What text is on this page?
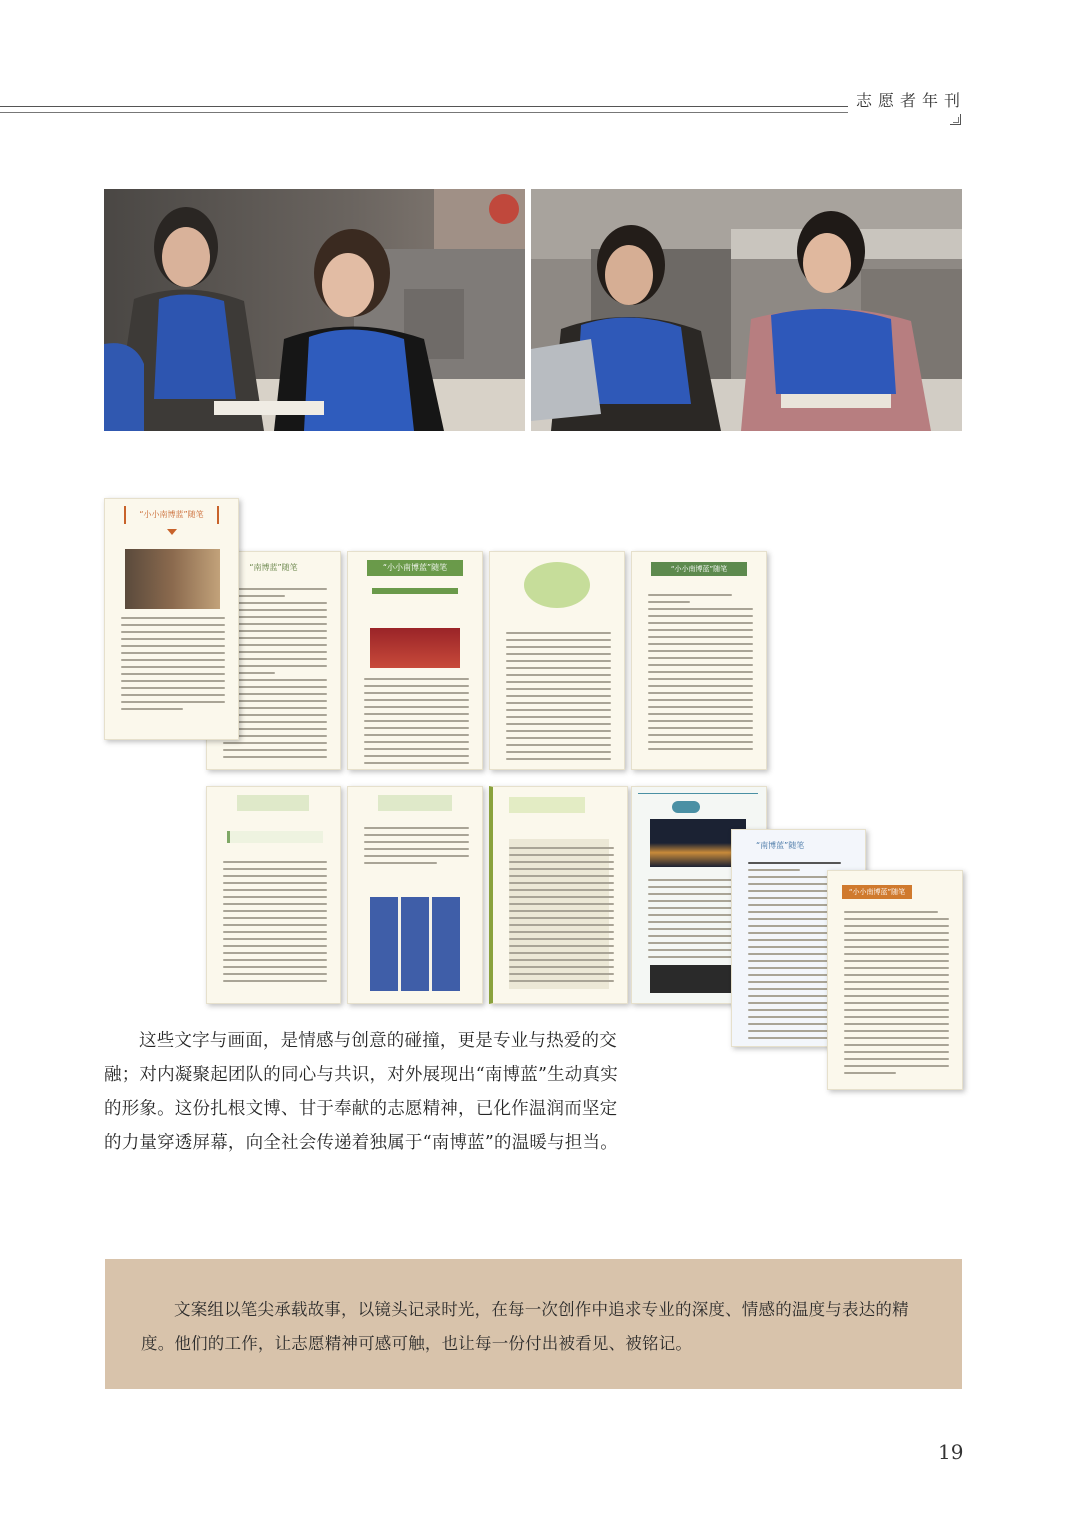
志愿者年刊
“南博蓝”随笔
“小小南博蓝”随笔
“小小南博蓝”随笔	“小小南博蓝”随笔
“南博蓝”随笔
“小小南博蓝”随笔

这些文字与画面，是情感与创意的碰撞，更是专业与热爱的交融；对内凝聚起团队的同心与共识，对外展现出“南博蓝”生动真实的形象。这份扎根文博、甘于奉献的志愿精神，已化作温润而坚定的力量穿透屏幕，向全社会传递着独属于“南博蓝”的温暖与担当。

文案组以笔尖承载故事，以镜头记录时光，在每一次创作中追求专业的深度、情感的温度与表达的精度。他们的工作，让志愿精神可感可触，也让每一份付出被看见、被铭记。

19
